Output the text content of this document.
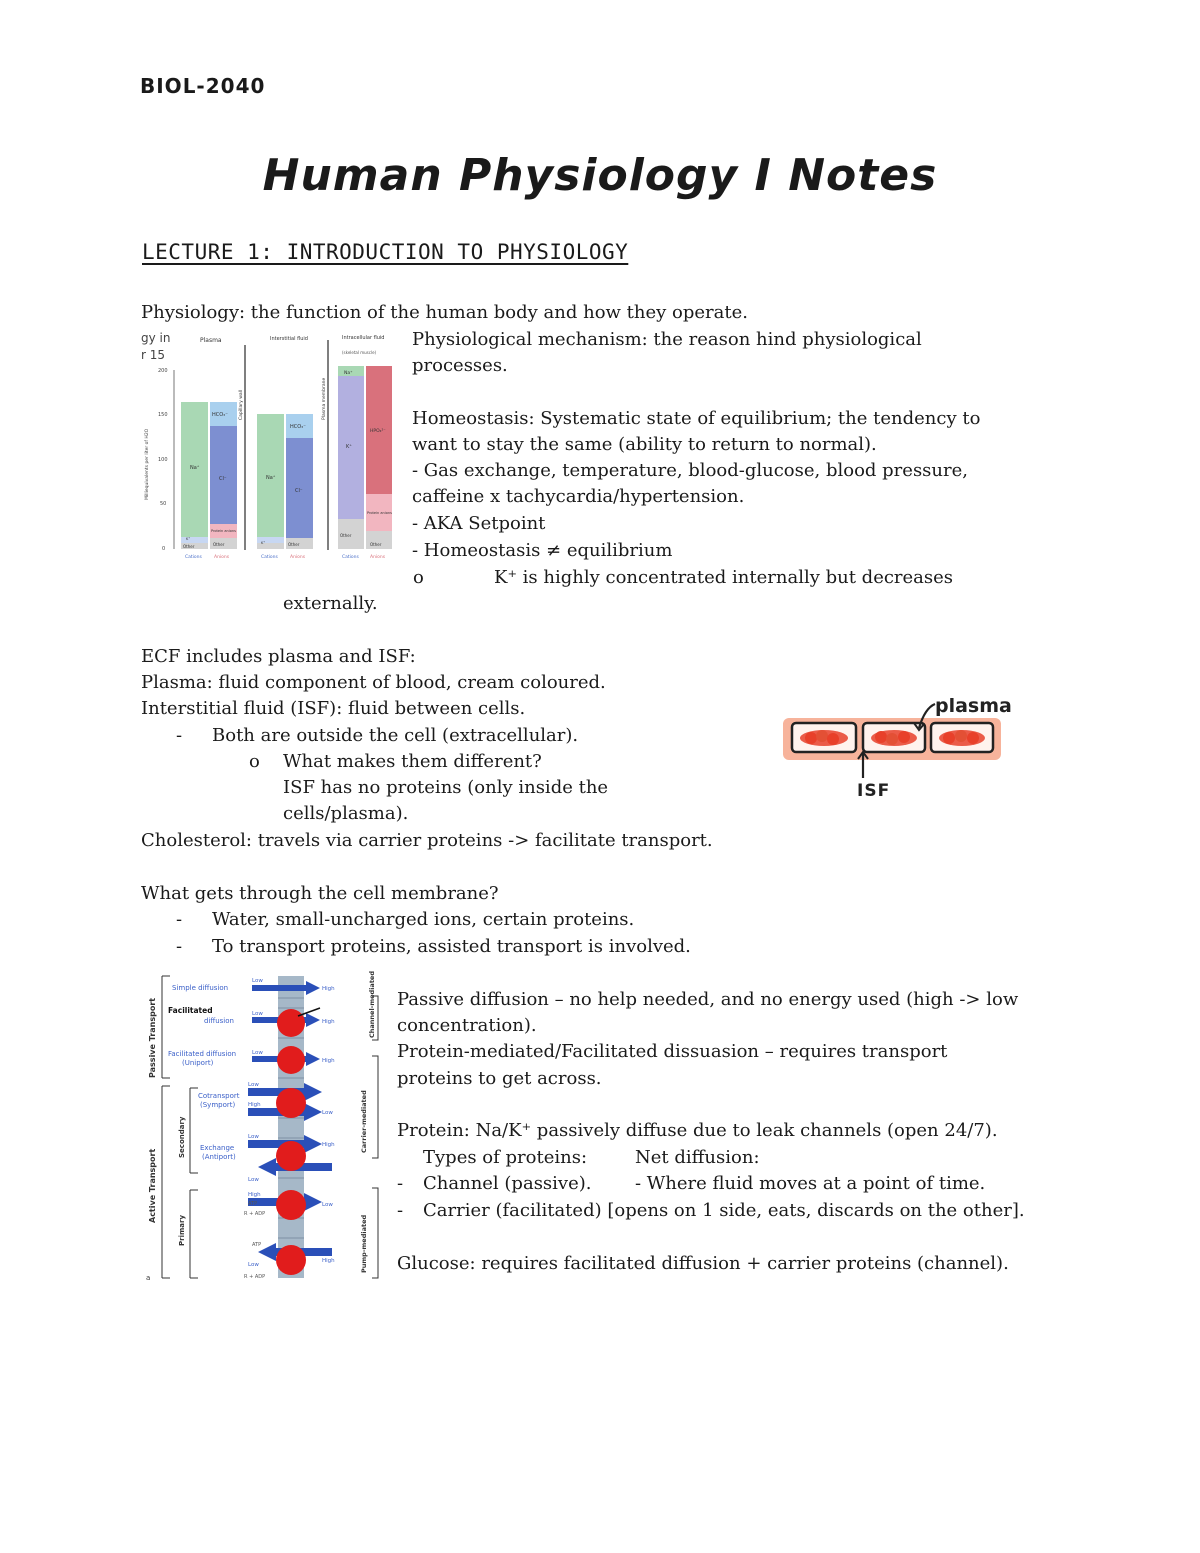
BIOL-2040
Human Physiology I Notes
LECTURE 1: INTRODUCTION TO PHYSIOLOGY
Physiology: the function of the human body and how they operate.
Physiological mechanism: the reason hind physiological
processes.
Homeostasis: Systematic state of equilibrium; the tendency to
want to stay the same (ability to return to normal).
- Gas exchange, temperature, blood-glucose, blood pressure,
caffeine x tachycardia/hypertension.
- AKA Setpoint
- Homeostasis ≠ equilibrium
o	K⁺ is highly concentrated internally but decreases
externally.
gy in
r 15
Plasma	Interstitial fluid	Intracellular fluid
(skeletal muscle)
200
150
100
50
0
Milliequivalents per liter of H2O	Na⁺
K⁺
Other
HCO₃⁻
Cl⁻
Protein anions
Other
Cations	Anions
Capillary wall
Na⁺
K⁺
HCO₃⁻
Cl⁻
Other
Cations	Anions
Plasma membrane
Na⁺
K⁺
Other
HPO₄²⁻
Protein anions
Other
Cations Anions
ECF includes plasma and ISF:
Plasma: fluid component of blood, cream coloured.
Interstitial fluid (ISF): fluid between cells.
- Both are outside the cell (extracellular).
o What makes them different?
ISF has no proteins (only inside the
cells/plasma).
Cholesterol: travels via carrier proteins -> facilitate transport.
plasma
ISF
What gets through the cell membrane?
- Water, small-uncharged ions, certain proteins.
- To transport proteins, assisted transport is involved.
Passive Transport
Active Transport
Secondary
Primary
Channel-mediated
Carrier-mediated
Pump-mediated
Simple diffusion
Facilitated
diffusion
Facilitated diffusion
(Uniport)
Cotransport
(Symport)
Exchange
(Antiport)
Low
High
Low
High
Low
High
Low
High
Low
Low
High
Low
High
ATP
R + ADP
Low
ATP
Low
R + ADP
High
a
Passive diffusion – no help needed, and no energy used (high -> low
concentration).
Protein-mediated/Facilitated dissuasion – requires transport
proteins to get across.
Protein: Na/K⁺ passively diffuse due to leak channels (open 24/7).
Types of proteins:	Net diffusion:
- Channel (passive). - Where fluid moves at a point of time.
- Carrier (facilitated) [opens on 1 side, eats, discards on the other].
Glucose: requires facilitated diffusion + carrier proteins (channel).
